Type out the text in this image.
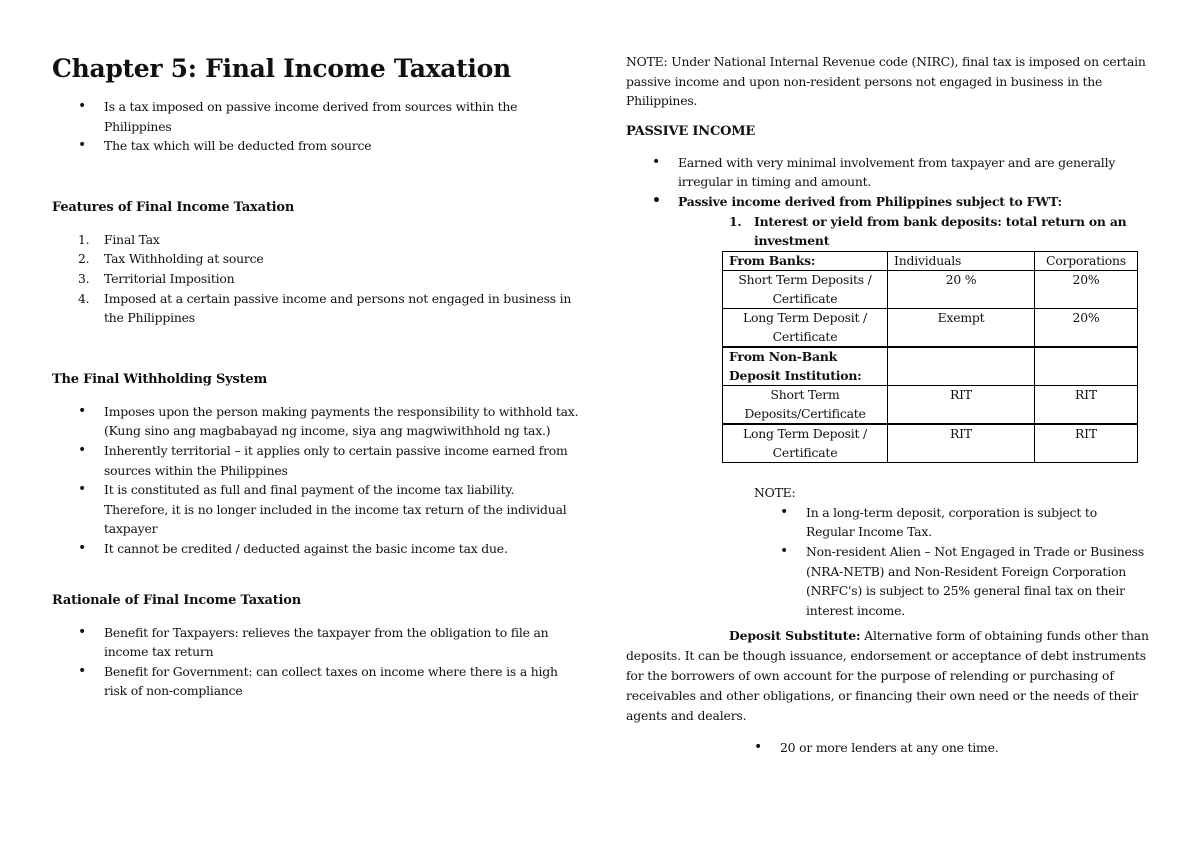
Chapter 5: Final Income Taxation
• Is a tax imposed on passive income derived from sources within the Philippines
• The tax which will be deducted from source
Features of Final Income Taxation
1. Final Tax
2. Tax Withholding at source
3. Territorial Imposition
4. Imposed at a certain passive income and persons not engaged in business in the Philippines
The Final Withholding System
• Imposes upon the person making payments the responsibility to withhold tax. (Kung sino ang magbabayad ng income, siya ang magwiwithhold ng tax.)
• Inherently territorial – it applies only to certain passive income earned from sources within the Philippines
• It is constituted as full and final payment of the income tax liability. Therefore, it is no longer included in the income tax return of the individual taxpayer
• It cannot be credited / deducted against the basic income tax due.
Rationale of Final Income Taxation
• Benefit for Taxpayers: relieves the taxpayer from the obligation to file an income tax return
• Benefit for Government: can collect taxes on income where there is a high risk of non-compliance

NOTE: Under National Internal Revenue code (NIRC), final tax is imposed on certain passive income and upon non-resident persons not engaged in business in the Philippines.

PASSIVE INCOME
• Earned with very minimal involvement from taxpayer and are generally irregular in timing and amount.
• Passive income derived from Philippines subject to FWT:
1. Interest or yield from bank deposits: total return on an investment
From Banks:	Individuals	Corporations
Short Term Deposits / Certificate	20 %	20%
Long Term Deposit / Certificate	Exempt	20%
From Non-Bank Deposit Institution:		
Short Term Deposits/Certificate	RIT	RIT
Long Term Deposit / Certificate	RIT	RIT
NOTE:
• In a long-term deposit, corporation is subject to Regular Income Tax.
• Non-resident Alien – Not Engaged in Trade or Business (NRA-NETB) and Non-Resident Foreign Corporation (NRFC's) is subject to 25% general final tax on their interest income.

Deposit Substitute: Alternative form of obtaining funds other than deposits. It can be though issuance, endorsement or acceptance of debt instruments for the borrowers of own account for the purpose of relending or purchasing of receivables and other obligations, or financing their own need or the needs of their agents and dealers.

• 20 or more lenders at any one time.
